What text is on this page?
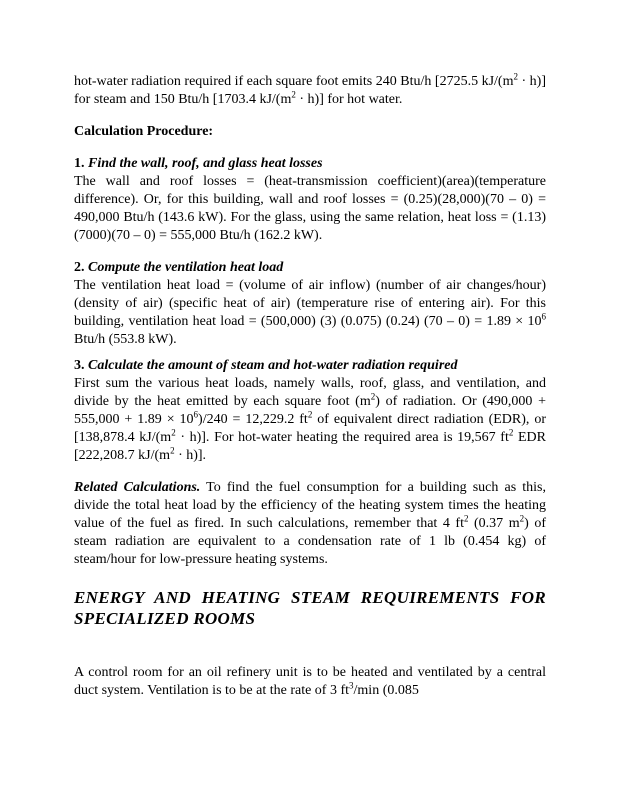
hot-water radiation required if each square foot emits 240 Btu/h [2725.5 $kJ/(m^2 \cdot h)$] for steam and 150 Btu/h [1703.4 $kJ/(m^2 \cdot h)$] for hot water.

Calculation Procedure:

1. Find the wall, roof, and glass heat losses

The wall and roof losses = (heat-transmission coefficient)(area)(temperature difference). Or, for this building, wall and roof losses = (0.25)(28,000)(70 – 0) = 490,000 Btu/h (143.6 kW). For the glass, using the same relation, heat loss = (1.13)(7000)(70 – 0) = 555,000 Btu/h (162.2 kW).

2. Compute the ventilation heat load

The ventilation heat load = (volume of air inflow) (number of air changes/hour) (density of air) (specific heat of air) (temperature rise of entering air). For this building, ventilation heat load = (500,000) (3) (0.075) (0.24) $(70 - 0) = 1.89 \times 10^6$ Btu/h (553.8 kW).

3. Calculate the amount of steam and hot-water radiation required

First sum the various heat loads, namely walls, roof, glass, and ventilation, and divide by the heat emitted by each square foot $(m^2)$ of radiation. Or $(490,000 + 555,000 + 1.89 \times 10^6)/240 = 12,229.2$ $ft^2$ of equivalent direct radiation (EDR), or [138,878.4 $kJ/(m^2 \cdot h)$]. For hot-water heating the required area is 19,567 $ft^2$ EDR [222,208.7 $kJ/(m^2 \cdot h)$].

Related Calculations. To find the fuel consumption for a building such as this, divide the total heat load by the efficiency of the heating system times the heating value of the fuel as fired. In such calculations, remember that 4 $ft^2$ (0.37 $m^2$) of steam radiation are equivalent to a condensation rate of 1 lb (0.454 kg) of steam/hour for low-pressure heating systems.

ENERGY AND HEATING STEAM REQUIREMENTS FOR SPECIALIZED ROOMS

A control room for an oil refinery unit is to be heated and ventilated by a central duct system. Ventilation is to be at the rate of 3 $ft^3/\min$ (0.085
